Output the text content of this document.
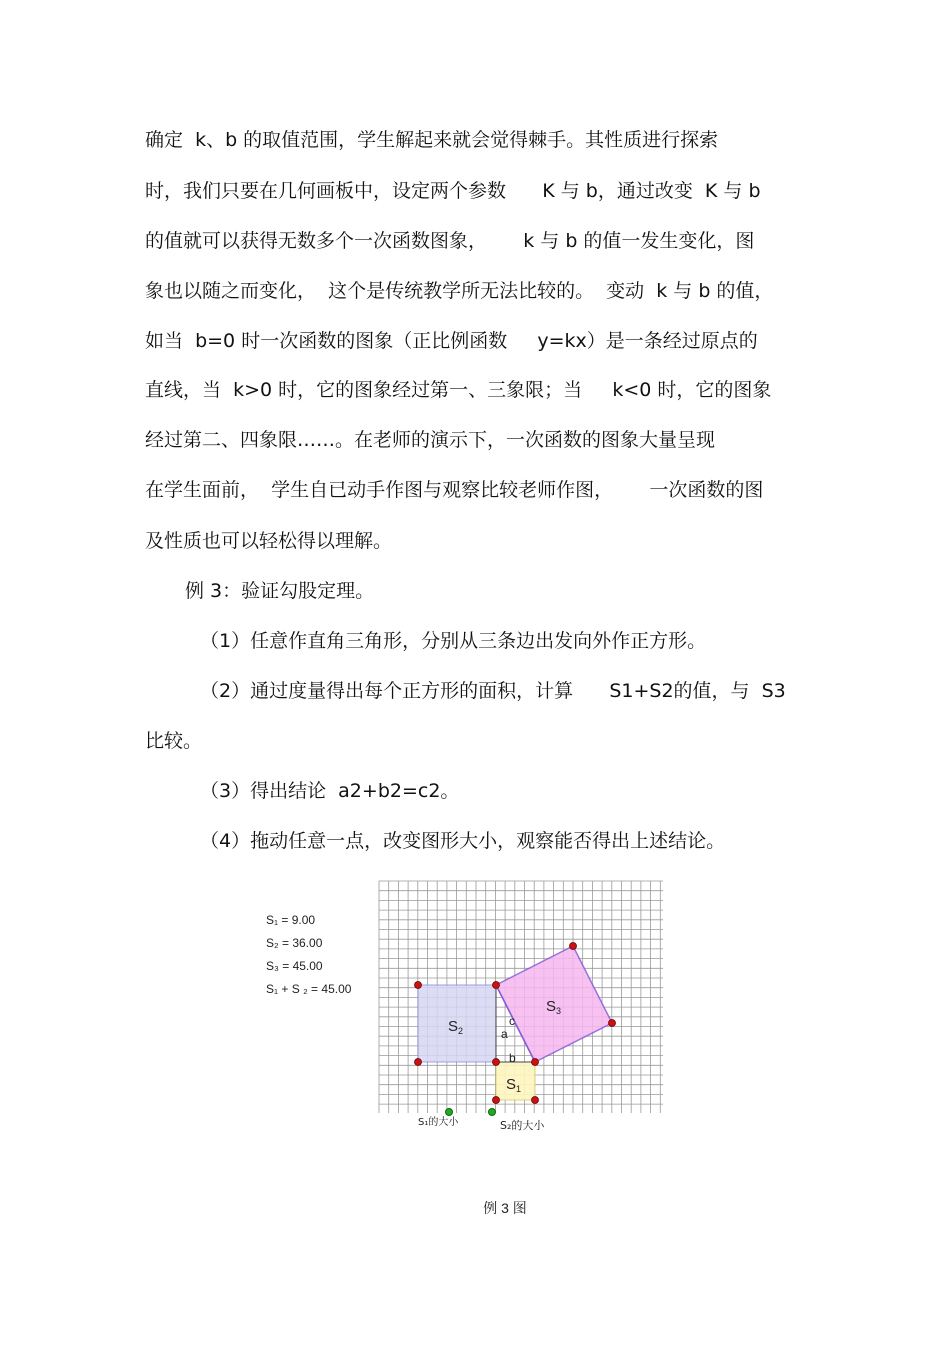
确定  k、b 的取值范围，学生解起来就会觉得棘手。其性质进行探索
时，我们只要在几何画板中，设定两个参数      K 与 b，通过改变  K 与 b
的值就可以获得无数多个一次函数图象，      k 与 b 的值一发生变化，图
象也以随之而变化，  这个是传统教学所无法比较的。  变动  k 与 b 的值，
如当  b=0 时一次函数的图象（正比例函数     y=kx）是一条经过原点的
直线，当  k>0 时，它的图象经过第一、三象限；当     k<0 时，它的图象
经过第二、四象限……。在老师的演示下，一次函数的图象大量呈现
在学生面前，  学生自已动手作图与观察比较老师作图，      一次函数的图
及性质也可以轻松得以理解。
例 3：验证勾股定理。
（1）任意作直角三角形，分别从三条边出发向外作正方形。
（2）通过度量得出每个正方形的面积，计算      S1+S2的值，与  S3
比较。
（3）得出结论  a2+b2=c2。
（4）拖动任意一点，改变图形大小，观察能否得出上述结论。
$S_2$
$S_1$
$S_3$
a
b
c
S₁的大小	S₂的大小
S₁ = 9.00
S₂ = 36.00
S₃ = 45.00
S₁ + S ₂ = 45.00
例 3 图
